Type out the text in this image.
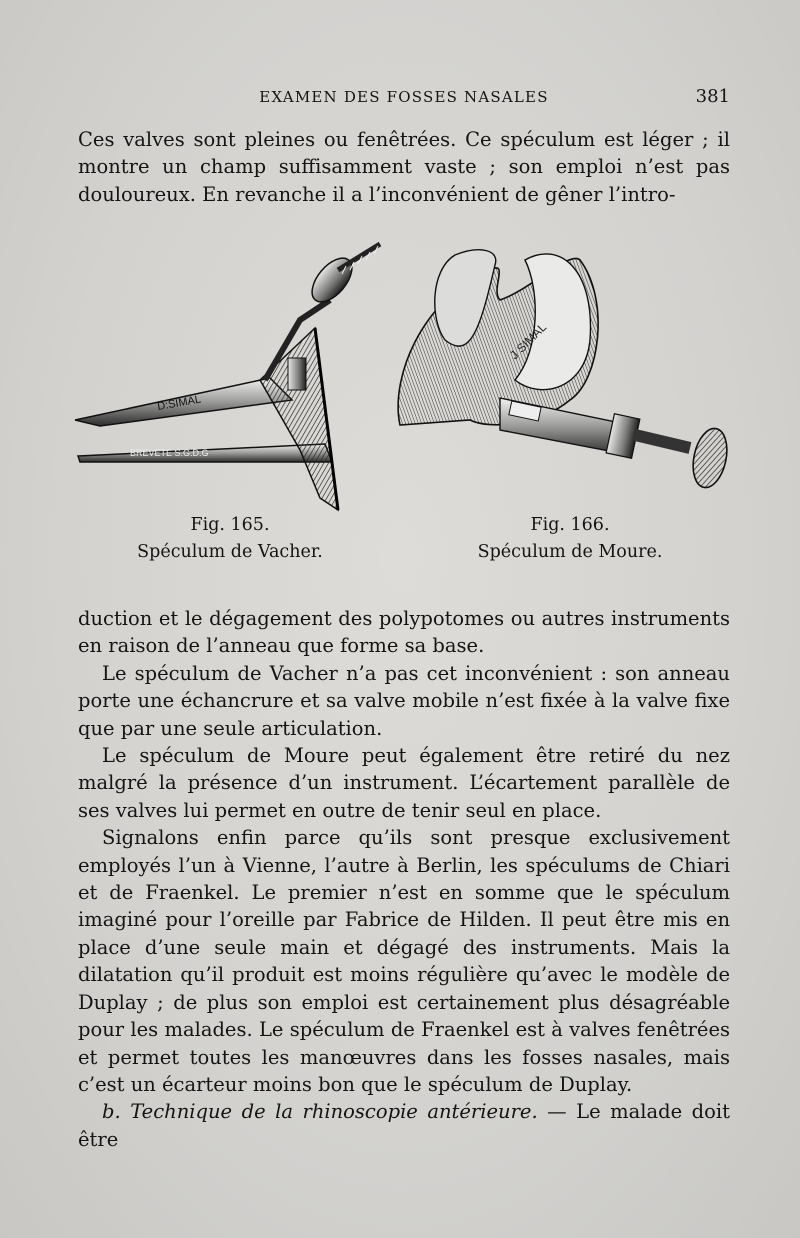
EXAMEN DES FOSSES NASALES	381

Ces valves sont pleines ou fenêtrées. Ce spéculum est léger ; il montre un champ suffisamment vaste ; son emploi n’est pas douloureux. En revanche il a l’inconvénient de gêner l’intro-

D:SIMAL
BREVETE S.G.D.G
J SIMAL
Fig. 165.
Spéculum de Vacher.
Fig. 166.
Spéculum de Moure.

duction et le dégagement des polypotomes ou autres instruments en raison de l’anneau que forme sa base.

Le spéculum de Vacher n’a pas cet inconvénient : son anneau porte une échancrure et sa valve mobile n’est fixée à la valve fixe que par une seule articulation.

Le spéculum de Moure peut également être retiré du nez malgré la présence d’un instrument. L’écartement parallèle de ses valves lui permet en outre de tenir seul en place.

Signalons enfin parce qu’ils sont presque exclusivement employés l’un à Vienne, l’autre à Berlin, les spéculums de Chiari et de Fraenkel. Le premier n’est en somme que le spéculum imaginé pour l’oreille par Fabrice de Hilden. Il peut être mis en place d’une seule main et dégagé des instruments. Mais la dilatation qu’il produit est moins régulière qu’avec le modèle de Duplay ; de plus son emploi est certainement plus désagréable pour les malades. Le spéculum de Fraenkel est à valves fenêtrées et permet toutes les manœuvres dans les fosses nasales, mais c’est un écarteur moins bon que le spéculum de Duplay.

b. Technique de la rhinoscopie antérieure. — Le malade doit être
